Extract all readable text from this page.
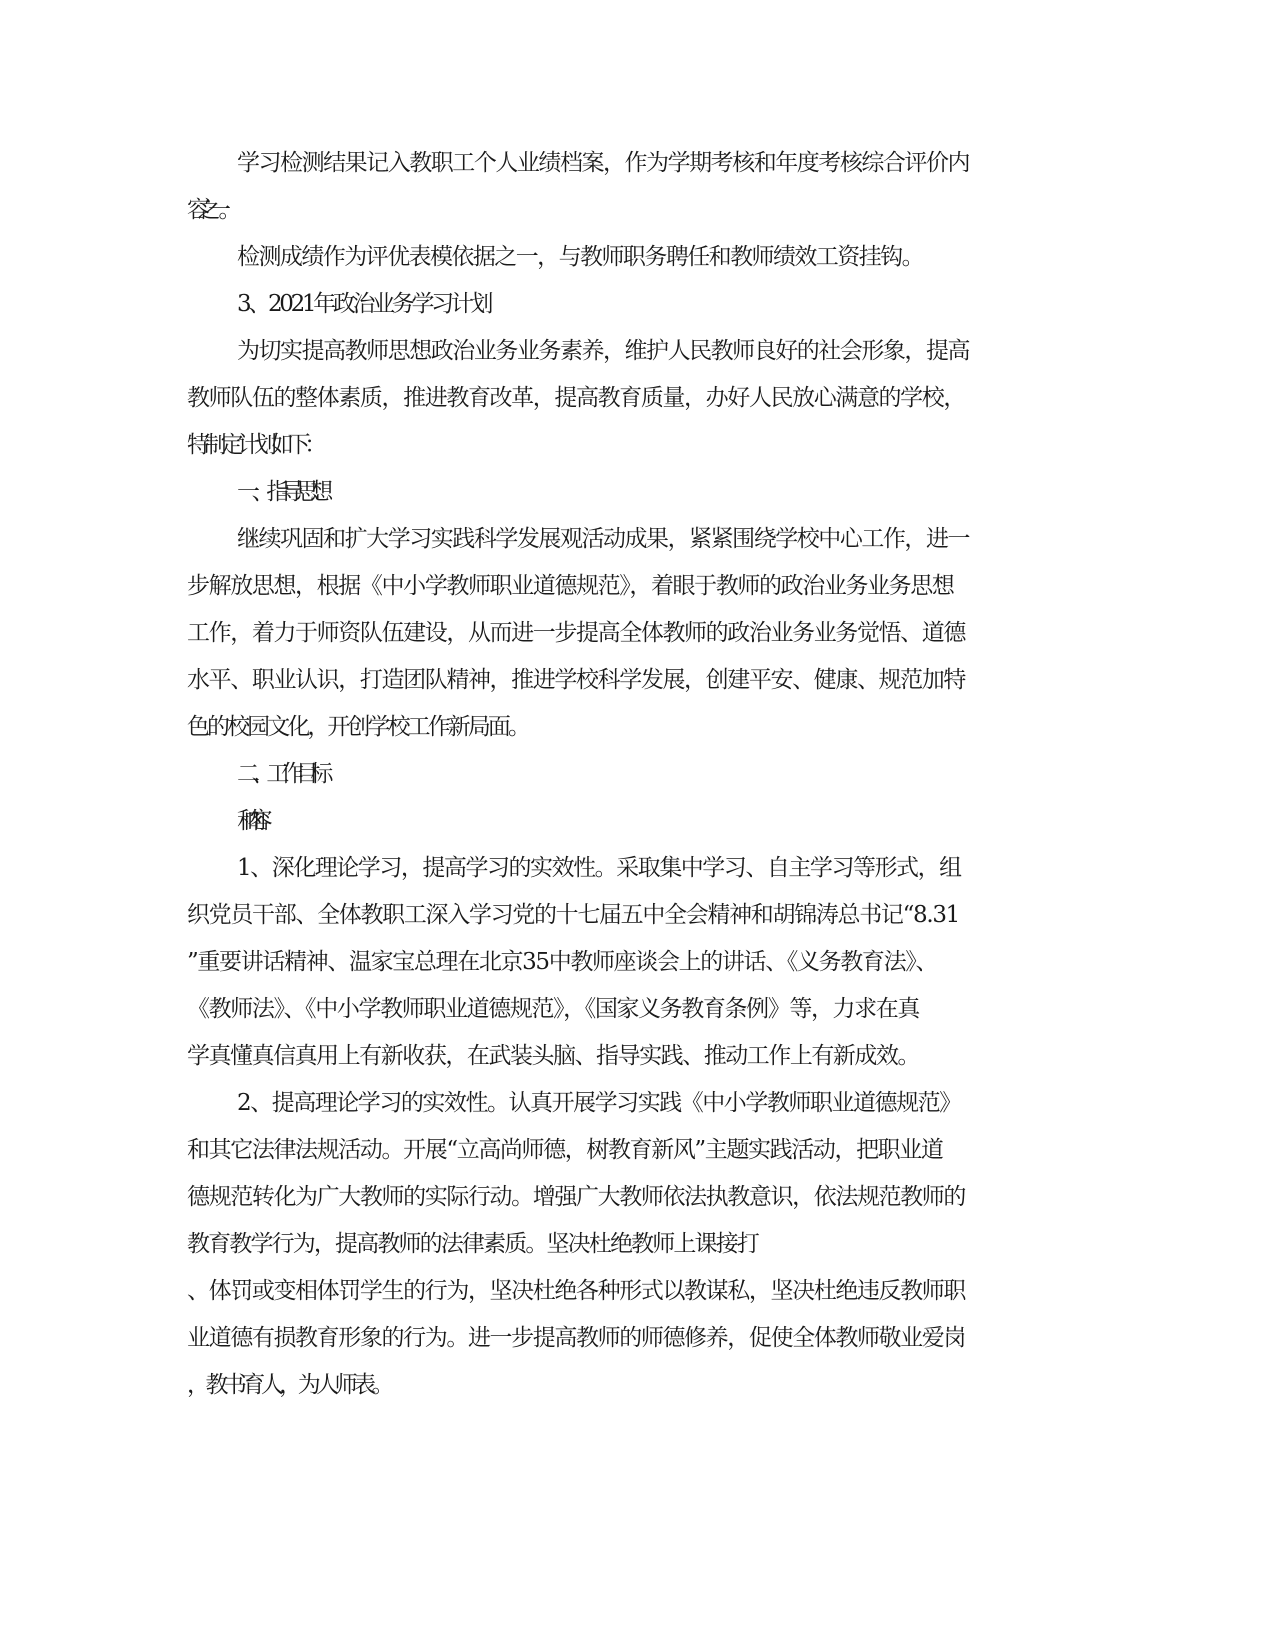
学习检测结果记入教职工个人业绩档案，作为学期考核和年度考核综合评价内
容之一。
检测成绩作为评优表模依据之一，与教师职务聘任和教师绩效工资挂钩。
3、2021年政治业务学习计划
为切实提高教师思想政治业务业务素养，维护人民教师良好的社会形象，提高
教师队伍的整体素质，推进教育改革，提高教育质量，办好人民放心满意的学校，
特制定计划如下：
一、指导思想
继续巩固和扩大学习实践科学发展观活动成果，紧紧围绕学校中心工作，进一
步解放思想，根据《中小学教师职业道德规范》，着眼于教师的政治业务业务思想
工作，着力于师资队伍建设，从而进一步提高全体教师的政治业务业务觉悟、道德
水平、职业认识，打造团队精神，推进学校科学发展，创建平安、健康、规范加特
色的校园文化，开创学校工作新局面。
二、工作目标
和内容
1、深化理论学习，提高学习的实效性。采取集中学习、自主学习等形式，组
织党员干部、全体教职工深入学习党的十七届五中全会精神和胡锦涛总书记“8.31
”重要讲话精神、温家宝总理在北京35中教师座谈会上的讲话、《义务教育法》、
《教师法》、《中小学教师职业道德规范》，《国家义务教育条例》等，力求在真
学真懂真信真用上有新收获，在武装头脑、指导实践、推动工作上有新成效。
2、提高理论学习的实效性。认真开展学习实践《中小学教师职业道德规范》
和其它法律法规活动。开展“立高尚师德，树教育新风”主题实践活动，把职业道
德规范转化为广大教师的实际行动。增强广大教师依法执教意识，依法规范教师的
教育教学行为，提高教师的法律素质。坚决杜绝教师上课接打
、体罚或变相体罚学生的行为，坚决杜绝各种形式以教谋私，坚决杜绝违反教师职
业道德有损教育形象的行为。进一步提高教师的师德修养，促使全体教师敬业爱岗
，教书育人，为人师表。
